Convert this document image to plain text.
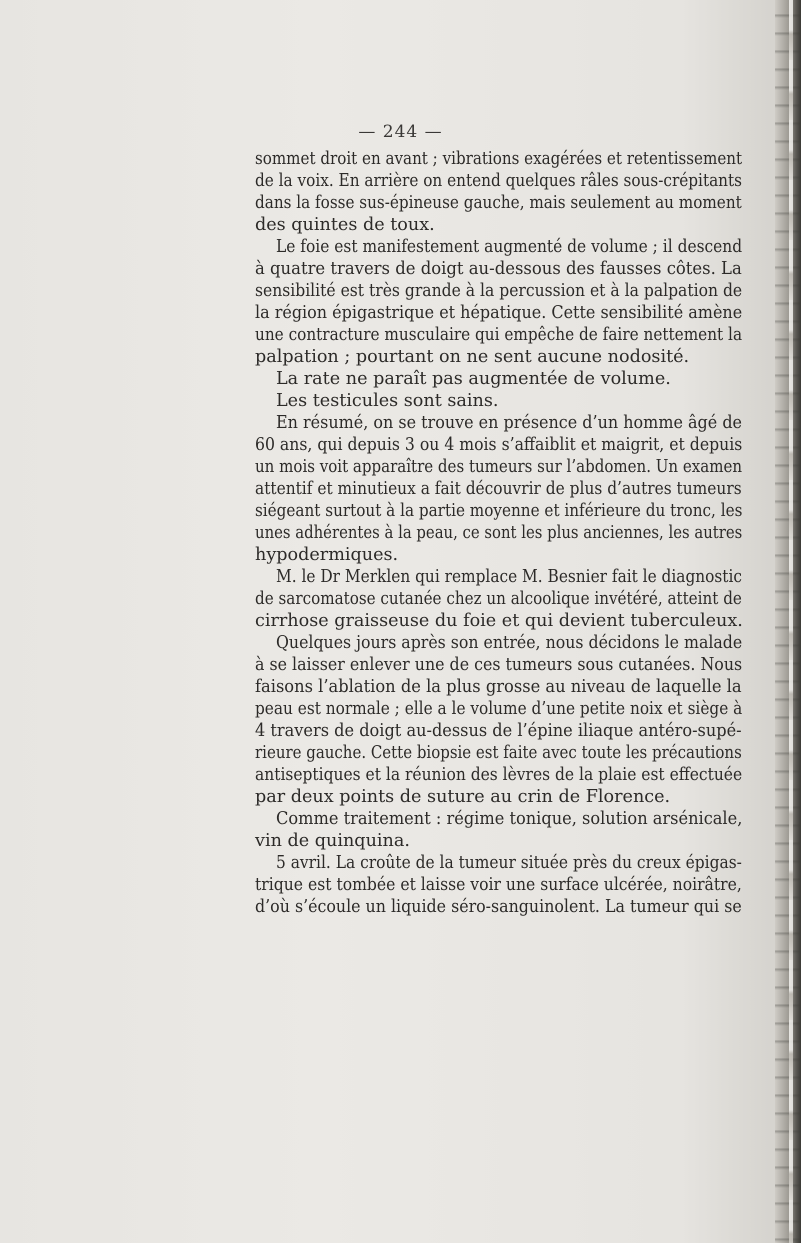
— 244 —
sommet droit en avant ; vibrations exagérées et retentissement
de la voix. En arrière on entend quelques râles sous-crépitants
dans la fosse sus-épineuse gauche, mais seulement au moment
des quintes de toux.
Le foie est manifestement augmenté de volume ; il descend
à quatre travers de doigt au-dessous des fausses côtes. La
sensibilité est très grande à la percussion et à la palpation de
la région épigastrique et hépatique. Cette sensibilité amène
une contracture musculaire qui empêche de faire nettement la
palpation ; pourtant on ne sent aucune nodosité.
La rate ne paraît pas augmentée de volume.
Les testicules sont sains.
En résumé, on se trouve en présence d’un homme âgé de
60 ans, qui depuis 3 ou 4 mois s’affaiblit et maigrit, et depuis
un mois voit apparaître des tumeurs sur l’abdomen. Un examen
attentif et minutieux a fait découvrir de plus d’autres tumeurs
siégeant surtout à la partie moyenne et inférieure du tronc, les
unes adhérentes à la peau, ce sont les plus anciennes, les autres
hypodermiques.
M. le Dr Merklen qui remplace M. Besnier fait le diagnostic
de sarcomatose cutanée chez un alcoolique invétéré, atteint de
cirrhose graisseuse du foie et qui devient tuberculeux.
Quelques jours après son entrée, nous décidons le malade
à se laisser enlever une de ces tumeurs sous cutanées. Nous
faisons l’ablation de la plus grosse au niveau de laquelle la
peau est normale ; elle a le volume d’une petite noix et siège à
4 travers de doigt au-dessus de l’épine iliaque antéro-supé-
rieure gauche. Cette biopsie est faite avec toute les précautions
antiseptiques et la réunion des lèvres de la plaie est effectuée
par deux points de suture au crin de Florence.
Comme traitement : régime tonique, solution arsénicale,
vin de quinquina.
5 avril. La croûte de la tumeur située près du creux épigas-
trique est tombée et laisse voir une surface ulcérée, noirâtre,
d’où s’écoule un liquide séro-sanguinolent. La tumeur qui se
